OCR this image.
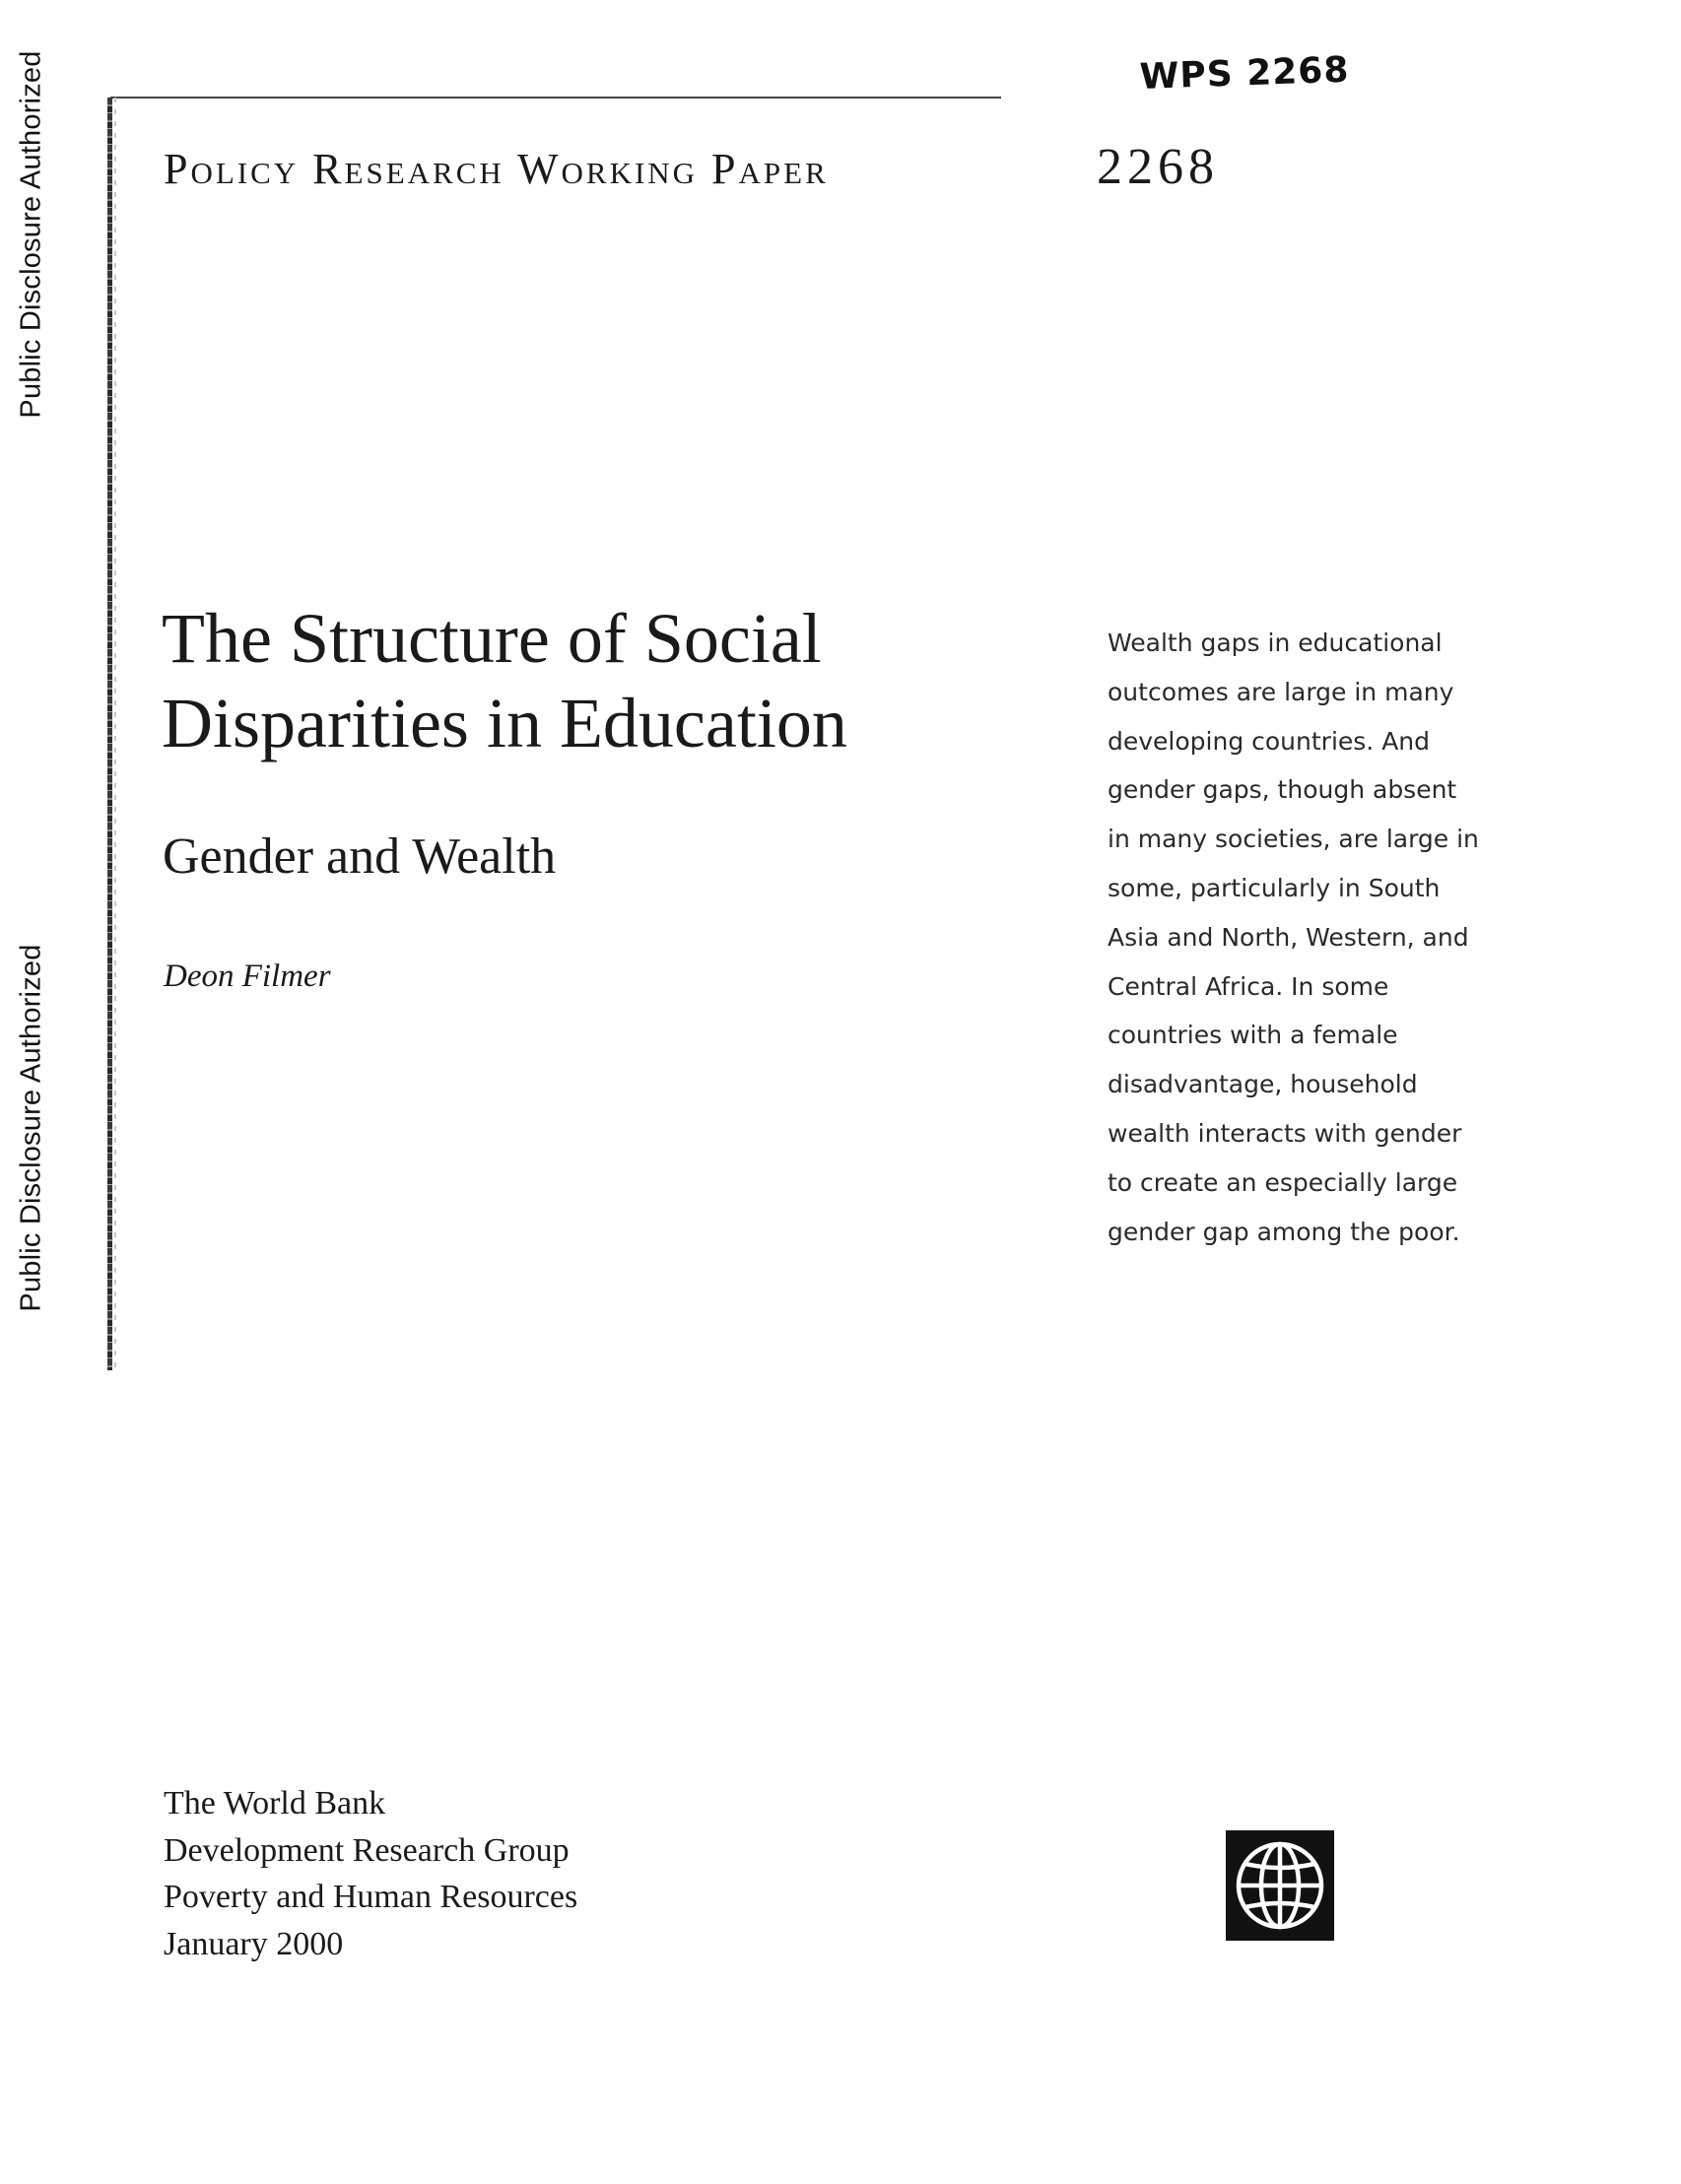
Public Disclosure Authorized
Public Disclosure Authorized
WPS 2268
Policy Research Working Paper	2268
The Structure of Social
Disparities in Education
Gender and Wealth
Deon Filmer

Wealth gaps in educational
outcomes are large in many
developing countries. And
gender gaps, though absent
in many societies, are large in
some, particularly in South
Asia and North, Western, and
Central Africa. In some
countries with a female
disadvantage, household
wealth interacts with gender
to create an especially large
gender gap among the poor.

The World Bank
Development Research Group
Poverty and Human Resources
January 2000
